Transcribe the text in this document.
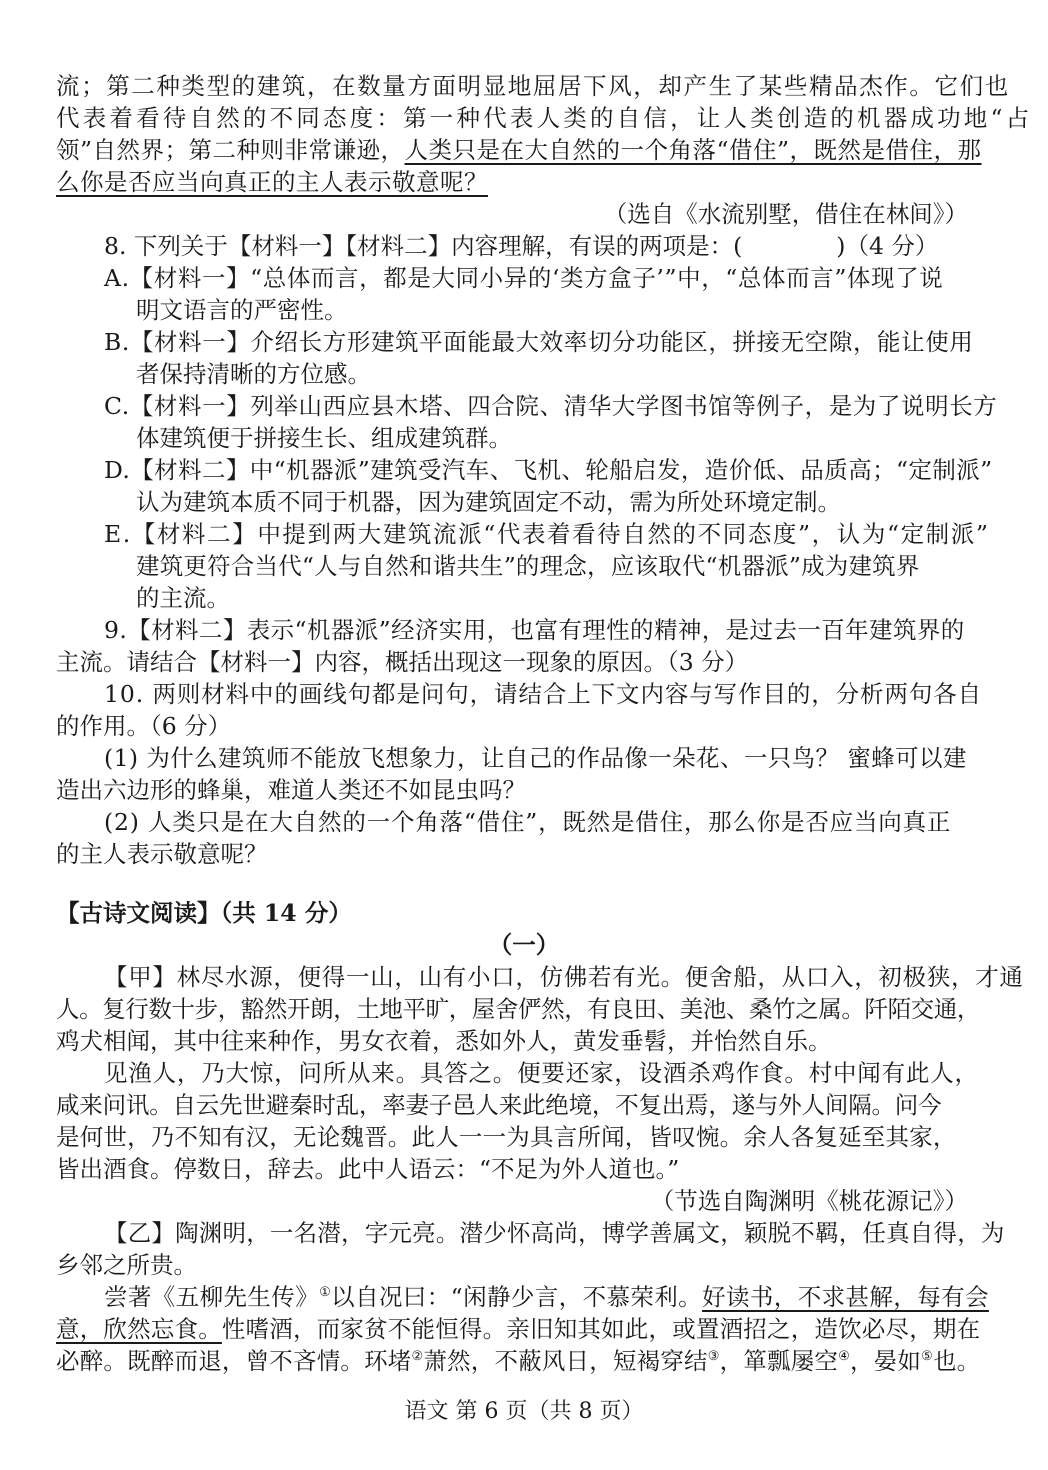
流；第二种类型的建筑，在数量方面明显地屈居下风，却产生了某些精品杰作。它们也
代表着看待自然的不同态度：第一种代表人类的自信，让人类创造的机器成功地“占
领”自然界；第二种则非常谦逊，人类只是在大自然的一个角落“借住”，既然是借住，那
么你是否应当向真正的主人表示敬意呢？
（选自《水流别墅，借住在林间》）
8. 下列关于【材料一】【材料二】内容理解，有误的两项是：(　　　　)（4 分）
A.【材料一】“总体而言，都是大同小异的‘类方盒子’”中，“总体而言”体现了说
明文语言的严密性。
B.【材料一】介绍长方形建筑平面能最大效率切分功能区，拼接无空隙，能让使用
者保持清晰的方位感。
C.【材料一】列举山西应县木塔、四合院、清华大学图书馆等例子，是为了说明长方
体建筑便于拼接生长、组成建筑群。
D.【材料二】中“机器派”建筑受汽车、飞机、轮船启发，造价低、品质高；“定制派”
认为建筑本质不同于机器，因为建筑固定不动，需为所处环境定制。
E.【材料二】中提到两大建筑流派“代表着看待自然的不同态度”，认为“定制派”
建筑更符合当代“人与自然和谐共生”的理念，应该取代“机器派”成为建筑界
的主流。
9.【材料二】表示“机器派”经济实用，也富有理性的精神，是过去一百年建筑界的
主流。请结合【材料一】内容，概括出现这一现象的原因。（3 分）
10. 两则材料中的画线句都是问句，请结合上下文内容与写作目的，分析两句各自
的作用。（6 分）
(1) 为什么建筑师不能放飞想象力，让自己的作品像一朵花、一只鸟？ 蜜蜂可以建
造出六边形的蜂巢，难道人类还不如昆虫吗？
(2) 人类只是在大自然的一个角落“借住”，既然是借住，那么你是否应当向真正
的主人表示敬意呢？
【古诗文阅读】（共 14 分）
（一）
【甲】林尽水源，便得一山，山有小口，仿佛若有光。便舍船，从口入，初极狭，才通
人。复行数十步，豁然开朗，土地平旷，屋舍俨然，有良田、美池、桑竹之属。阡陌交通，
鸡犬相闻，其中往来种作，男女衣着，悉如外人，黄发垂髫，并怡然自乐。
见渔人，乃大惊，问所从来。具答之。便要还家，设酒杀鸡作食。村中闻有此人，
咸来问讯。自云先世避秦时乱，率妻子邑人来此绝境，不复出焉，遂与外人间隔。问今
是何世，乃不知有汉，无论魏晋。此人一一为具言所闻，皆叹惋。余人各复延至其家，
皆出酒食。停数日，辞去。此中人语云：“不足为外人道也。”
（节选自陶渊明《桃花源记》）
【乙】陶渊明，一名潜，字元亮。潜少怀高尚，博学善属文，颖脱不羁，任真自得，为
乡邻之所贵。
尝著《五柳先生传》①以自况曰：“闲静少言，不慕荣利。好读书，不求甚解，每有会
意，欣然忘食。性嗜酒，而家贫不能恒得。亲旧知其如此，或置酒招之，造饮必尽，期在
必醉。既醉而退，曾不吝情。环堵②萧然，不蔽风日，短褐穿结③，箪瓢屡空④，晏如⑤也。
语文 第 6 页（共 8 页）
